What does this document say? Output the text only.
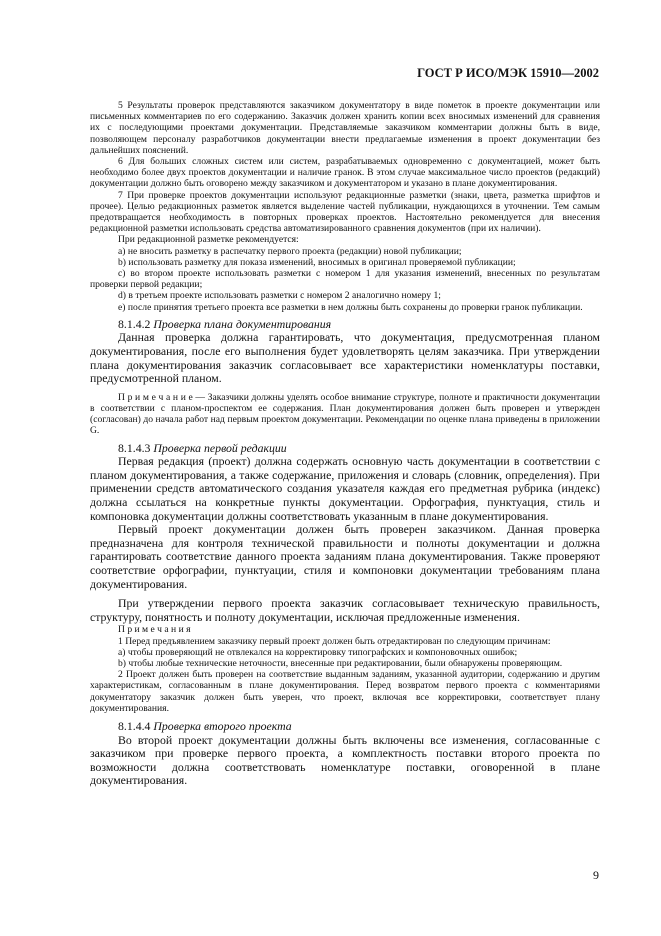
ГОСТ Р ИСО/МЭК 15910—2002

5 Результаты проверок представляются заказчиком документатору в виде пометок в проекте документации или письменных комментариев по его содержанию. Заказчик должен хранить копии всех вносимых изменений для сравнения их с последующими проектами документации. Представляемые заказчиком комментарии должны быть в виде, позволяющем персоналу разработчиков документации внести предлагаемые изменения в проект документации без дальнейших пояснений.

6 Для больших сложных систем или систем, разрабатываемых одновременно с документацией, может быть необходимо более двух проектов документации и наличие гранок. В этом случае максимальное число проектов (редакций) документации должно быть оговорено между заказчиком и документатором и указано в плане документирования.

7 При проверке проектов документации используют редакционные разметки (знаки, цвета, разметка шрифтов и прочее). Целью редакционных разметок является выделение частей публикации, нуждающихся в уточнении. Тем самым предотвращается необходимость в повторных проверках проектов. Настоятельно рекомендуется для внесения редакционной разметки использовать средства автоматизированного сравнения документов (при их наличии).

При редакционной разметке рекомендуется:

a) не вносить разметку в распечатку первого проекта (редакции) новой публикации;

b) использовать разметку для показа изменений, вносимых в оригинал проверяемой публикации;

c) во втором проекте использовать разметки с номером 1 для указания изменений, внесенных по результатам проверки первой редакции;

d) в третьем проекте использовать разметки с номером 2 аналогично номеру 1;

e) после принятия третьего проекта все разметки в нем должны быть сохранены до проверки гранок публикации.

8.1.4.2 Проверка плана документирования

Данная проверка должна гарантировать, что документация, предусмотренная планом документирования, после его выполнения будет удовлетворять целям заказчика. При утверждении плана документирования заказчик согласовывает все характеристики номенклатуры поставки, предусмотренной планом.

П р и м е ч а н и е — Заказчики должны уделять особое внимание структуре, полноте и практичности документации в соответствии с планом-проспектом ее содержания. План документирования должен быть проверен и утвержден (согласован) до начала работ над первым проектом документации. Рекомендации по оценке плана приведены в приложении G.

8.1.4.3 Проверка первой редакции

Первая редакция (проект) должна содержать основную часть документации в соответствии с планом документирования, а также содержание, приложения и словарь (словник, определения). При применении средств автоматического создания указателя каждая его предметная рубрика (индекс) должна ссылаться на конкретные пункты документации. Орфография, пунктуация, стиль и компоновка документации должны соответствовать указанным в плане документирования.

Первый проект документации должен быть проверен заказчиком. Данная проверка предназначена для контроля технической правильности и полноты документации и должна гарантировать соответствие данного проекта заданиям плана документирования. Также проверяют соответствие орфографии, пунктуации, стиля и компоновки документации требованиям плана документирования.

При утверждении первого проекта заказчик согласовывает техническую правильность, структуру, понятность и полноту документации, исключая предложенные изменения.

П р и м е ч а н и я

1 Перед предъявлением заказчику первый проект должен быть отредактирован по следующим причинам:

a) чтобы проверяющий не отвлекался на корректировку типографских и компоновочных ошибок;

b) чтобы любые технические неточности, внесенные при редактировании, были обнаружены проверяющим.

2 Проект должен быть проверен на соответствие выданным заданиям, указанной аудитории, содержанию и другим характеристикам, согласованным в плане документирования. Перед возвратом первого проекта с комментариями документатору заказчик должен быть уверен, что проект, включая все корректировки, соответствует плану документирования.

8.1.4.4 Проверка второго проекта

Во второй проект документации должны быть включены все изменения, согласованные с заказчиком при проверке первого проекта, а комплектность поставки второго проекта по возможности должна соответствовать номенклатуре поставки, оговоренной в плане документирования.

9
